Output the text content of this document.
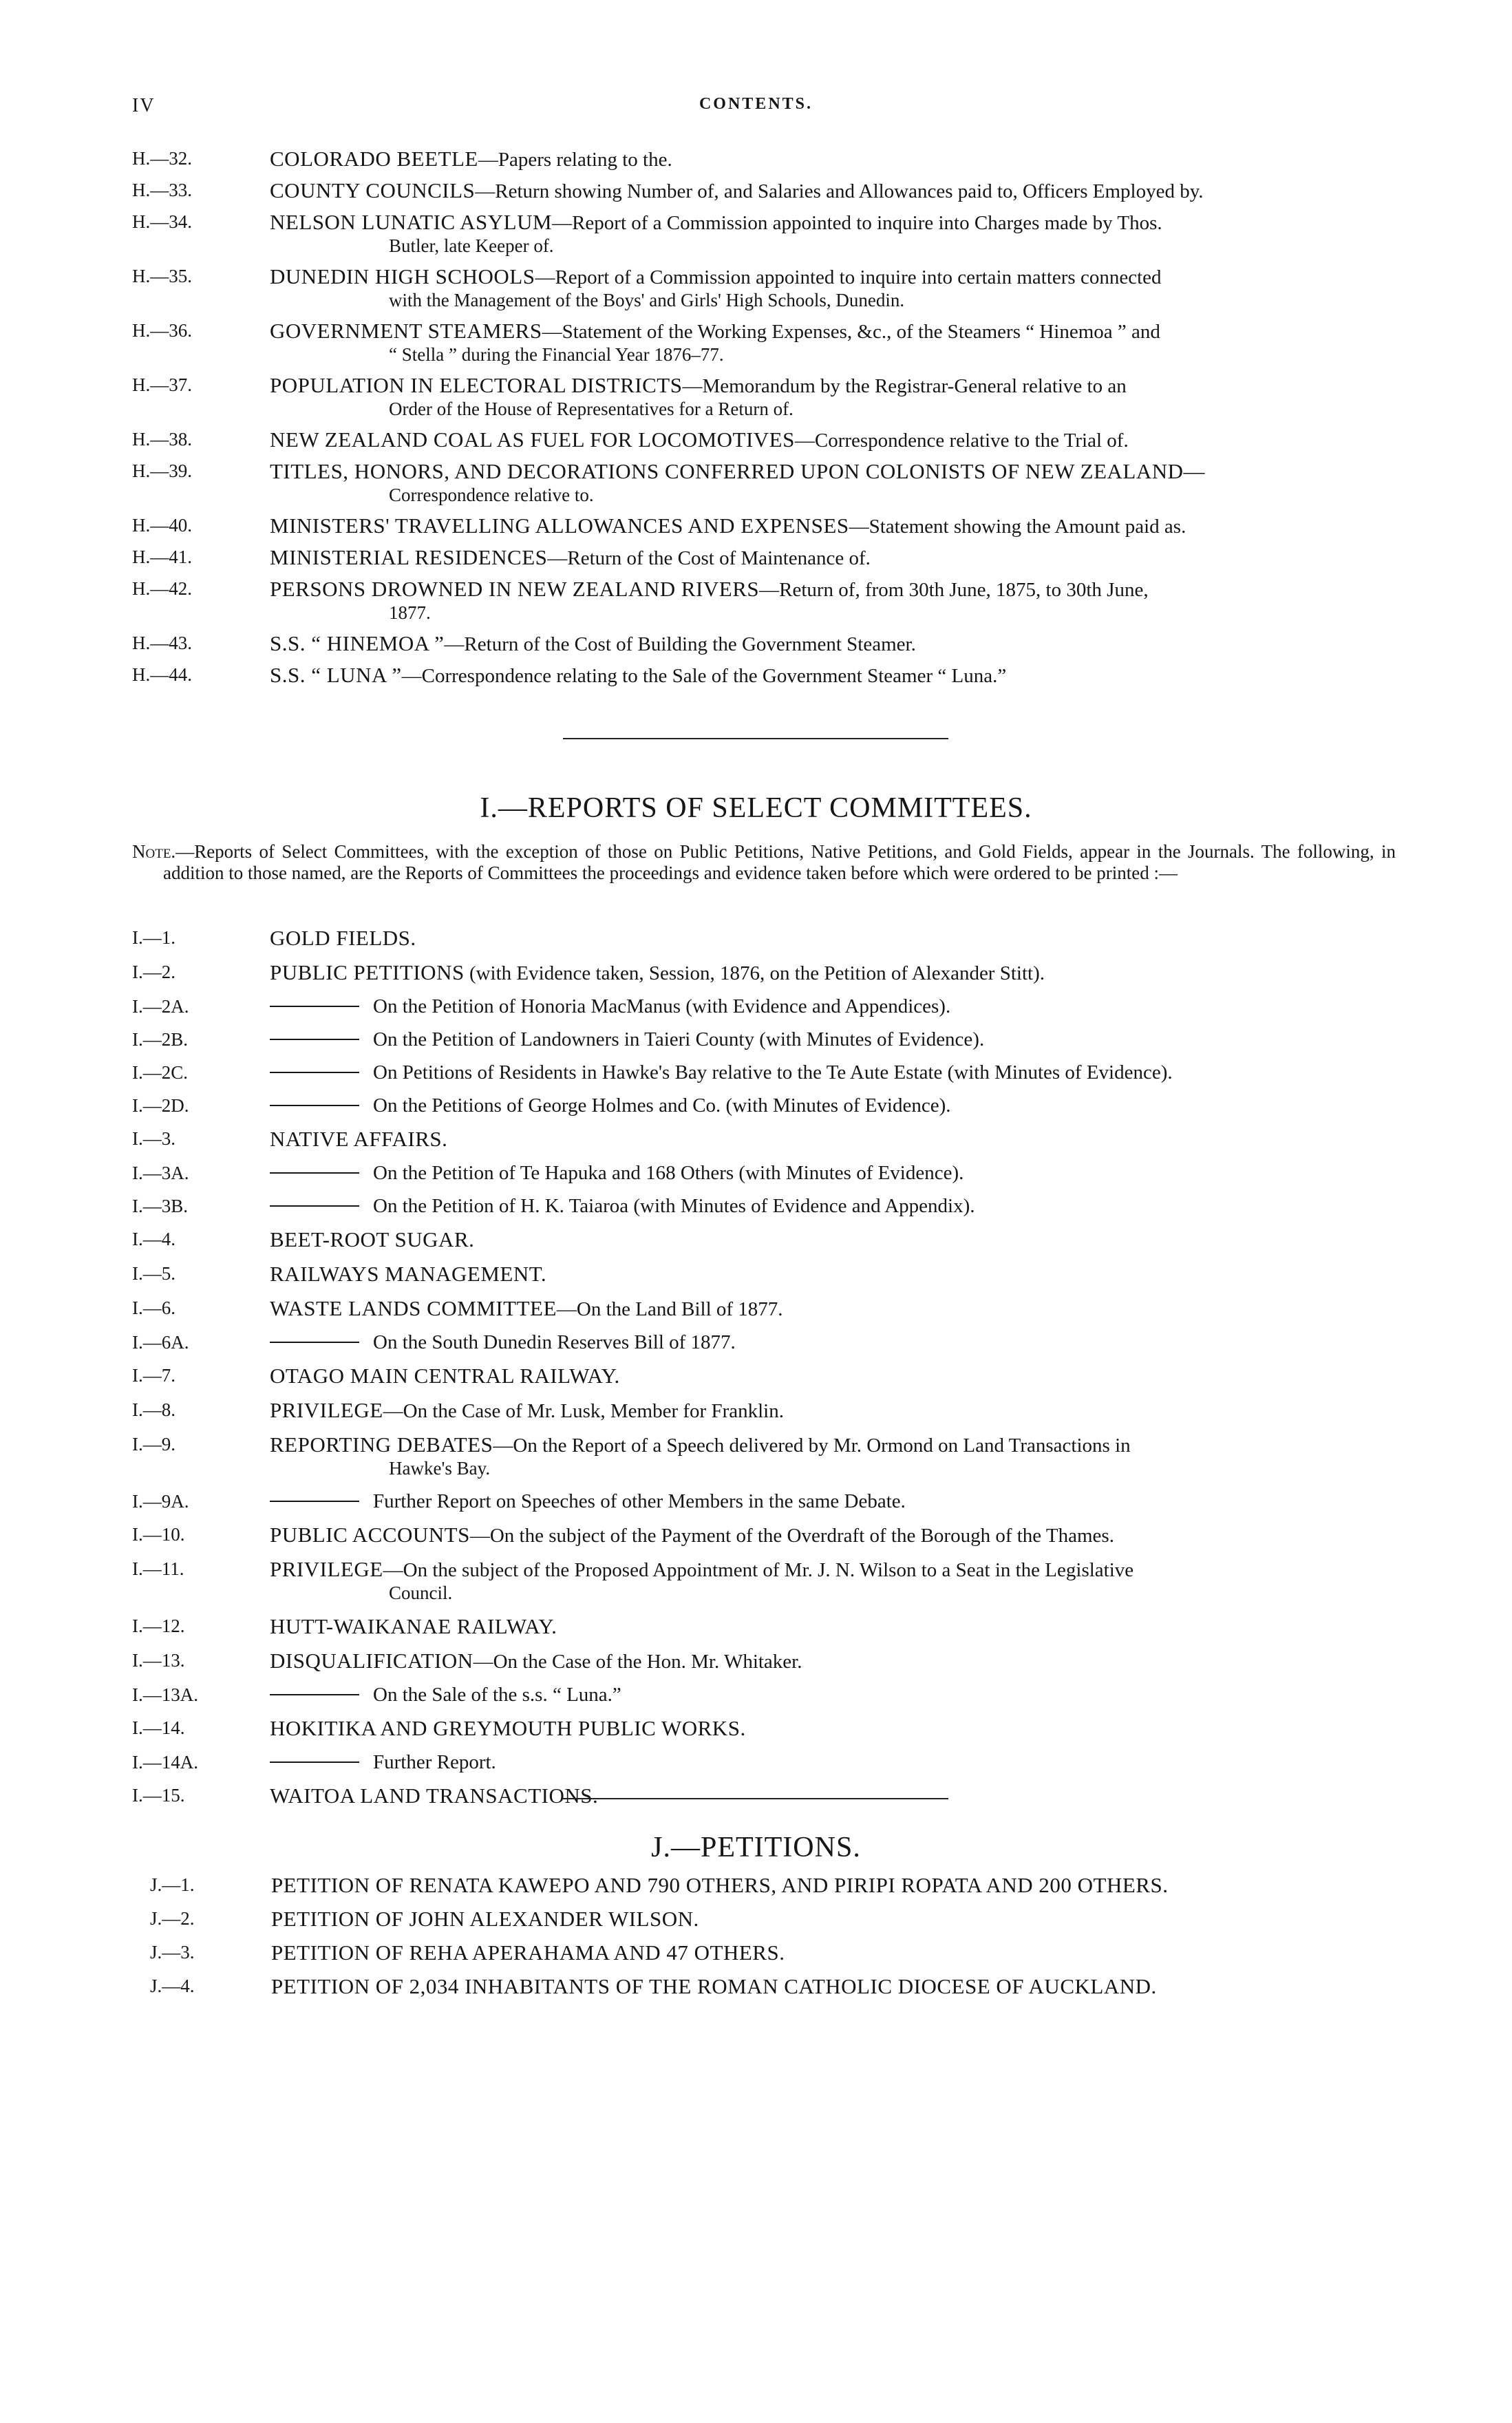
IV	CONTENTS.
H.—32.	COLORADO BEETLE—Papers relating to the.
H.—33.	COUNTY COUNCILS—Return showing Number of, and Salaries and Allowances paid to, Officers Employed by.
H.—34.	NELSON LUNATIC ASYLUM—Report of a Commission appointed to inquire into Charges made by Thos.
Butler, late Keeper of.
H.—35.	DUNEDIN HIGH SCHOOLS—Report of a Commission appointed to inquire into certain matters connected
with the Management of the Boys' and Girls' High Schools, Dunedin.
H.—36.	GOVERNMENT STEAMERS—Statement of the Working Expenses, &c., of the Steamers “ Hinemoa ” and
“ Stella ” during the Financial Year 1876–77.
H.—37.	POPULATION IN ELECTORAL DISTRICTS—Memorandum by the Registrar-General relative to an
Order of the House of Representatives for a Return of.
H.—38.	NEW ZEALAND COAL AS FUEL FOR LOCOMOTIVES—Correspondence relative to the Trial of.
H.—39.	TITLES, HONORS, AND DECORATIONS CONFERRED UPON COLONISTS OF NEW ZEALAND—
Correspondence relative to.
H.—40.	MINISTERS' TRAVELLING ALLOWANCES AND EXPENSES—Statement showing the Amount paid as.
H.—41.	MINISTERIAL RESIDENCES—Return of the Cost of Maintenance of.
H.—42.	PERSONS DROWNED IN NEW ZEALAND RIVERS—Return of, from 30th June, 1875, to 30th June,
1877.
H.—43.	S.S. “ HINEMOA ”—Return of the Cost of Building the Government Steamer.
H.—44.	S.S. “ LUNA ”—Correspondence relating to the Sale of the Government Steamer “ Luna.”
I.—REPORTS OF SELECT COMMITTEES.
Note.—Reports of Select Committees, with the exception of those on Public Petitions, Native Petitions, and Gold Fields, appear in the Journals. The following, in addition to those named, are the Reports of Committees the proceedings and evidence taken before which were ordered to be printed :—
I.—1.	GOLD FIELDS.
I.—2.	PUBLIC PETITIONS (with Evidence taken, Session, 1876, on the Petition of Alexander Stitt).
I.—2A.	On the Petition of Honoria MacManus (with Evidence and Appendices).
I.—2B.	On the Petition of Landowners in Taieri County (with Minutes of Evidence).
I.—2C.	On Petitions of Residents in Hawke's Bay relative to the Te Aute Estate (with Minutes of Evidence).
I.—2D.	On the Petitions of George Holmes and Co. (with Minutes of Evidence).
I.—3.	NATIVE AFFAIRS.
I.—3A.	On the Petition of Te Hapuka and 168 Others (with Minutes of Evidence).
I.—3B.	On the Petition of H. K. Taiaroa (with Minutes of Evidence and Appendix).
I.—4.	BEET-ROOT SUGAR.
I.—5.	RAILWAYS MANAGEMENT.
I.—6.	WASTE LANDS COMMITTEE—On the Land Bill of 1877.
I.—6A.	On the South Dunedin Reserves Bill of 1877.
I.—7.	OTAGO MAIN CENTRAL RAILWAY.
I.—8.	PRIVILEGE—On the Case of Mr. Lusk, Member for Franklin.
I.—9.	REPORTING DEBATES—On the Report of a Speech delivered by Mr. Ormond on Land Transactions in
Hawke's Bay.
I.—9A.	Further Report on Speeches of other Members in the same Debate.
I.—10.	PUBLIC ACCOUNTS—On the subject of the Payment of the Overdraft of the Borough of the Thames.
I.—11.	PRIVILEGE—On the subject of the Proposed Appointment of Mr. J. N. Wilson to a Seat in the Legislative
Council.
I.—12.	HUTT-WAIKANAE RAILWAY.
I.—13.	DISQUALIFICATION—On the Case of the Hon. Mr. Whitaker.
I.—13A.	On the Sale of the s.s. “ Luna.”
I.—14.	HOKITIKA AND GREYMOUTH PUBLIC WORKS.
I.—14A.	Further Report.
I.—15.	WAITOA LAND TRANSACTIONS.
J.—PETITIONS.
J.—1.	PETITION OF RENATA KAWEPO AND 790 OTHERS, AND PIRIPI ROPATA AND 200 OTHERS.
J.—2.	PETITION OF JOHN ALEXANDER WILSON.
J.—3.	PETITION OF REHA APERAHAMA AND 47 OTHERS.
J.—4.	PETITION OF 2,034 INHABITANTS OF THE ROMAN CATHOLIC DIOCESE OF AUCKLAND.
